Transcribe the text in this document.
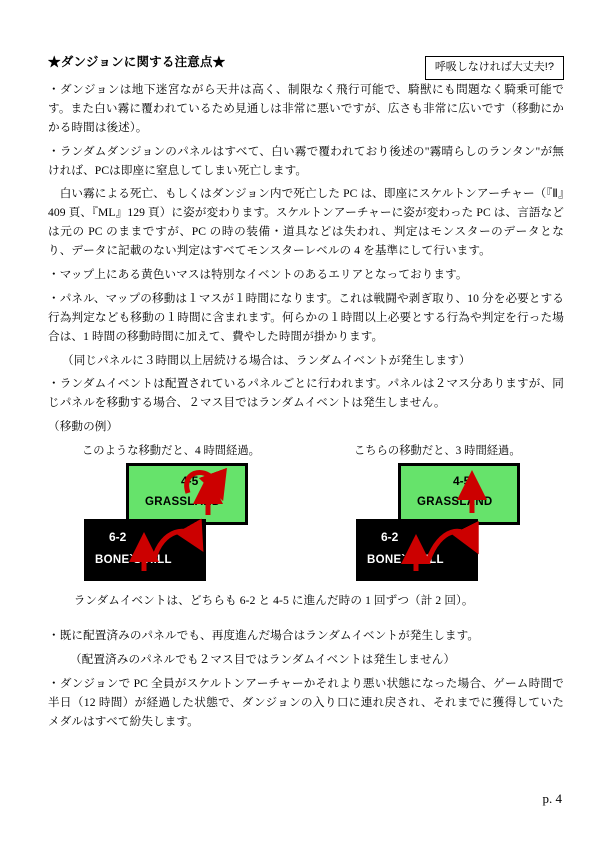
呼吸しなければ大丈夫!?
★ダンジョンに関する注意点★

・ダンジョンは地下迷宮ながら天井は高く、制限なく飛行可能で、騎獣にも問題なく騎乗可能です。また白い霧に覆われているため見通しは非常に悪いですが、広さも非常に広いです（移動にかかる時間は後述）。

・ランダムダンジョンのパネルはすべて、白い霧で覆われており後述の"霧晴らしのランタン"が無ければ、PCは即座に窒息してしまい死亡します。

　白い霧による死亡、もしくはダンジョン内で死亡した PC は、即座にスケルトンアーチャー（『Ⅱ』409 頁、『ML』129 頁）に姿が変わります。スケルトンアーチャーに姿が変わった PC は、言語などは元の PC のままですが、PC の時の装備・道具などは失われ、判定はモンスターのデータとなり、データに記載のない判定はすべてモンスターレベルの 4 を基準にして行います。

・マップ上にある黄色いマスは特別なイベントのあるエリアとなっております。

・パネル、マップの移動は１マスが１時間になります。これは戦闘や剥ぎ取り、10 分を必要とする行為判定なども移動の１時間に含まれます。何らかの１時間以上必要とする行為や判定を行った場合は、1 時間の移動時間に加えて、費やした時間が掛かります。

（同じパネルに３時間以上居続ける場合は、ランダムイベントが発生します）

・ランダムイベントは配置されているパネルごとに行われます。パネルは２マス分ありますが、同じパネルを移動する場合、２マス目ではランダムイベントは発生しません。

（移動の例）

このような移動だと、4 時間経過。

4-5
GRASSLAND
6-2
BONE`S HILL

こちらの移動だと、3 時間経過。

4-5
GRASSLAND
6-2
BONE`S HILL

　ランダムイベントは、どちらも 6-2 と 4-5 に進んだ時の 1 回ずつ（計 2 回）。

・既に配置済みのパネルでも、再度進んだ場合はランダムイベントが発生します。

（配置済みのパネルでも２マス目ではランダムイベントは発生しません）

・ダンジョンで PC 全員がスケルトンアーチャーかそれより悪い状態になった場合、ゲーム時間で半日（12 時間）が経過した状態で、ダンジョンの入り口に連れ戻され、それまでに獲得していたメダルはすべて紛失します。

p. 4
